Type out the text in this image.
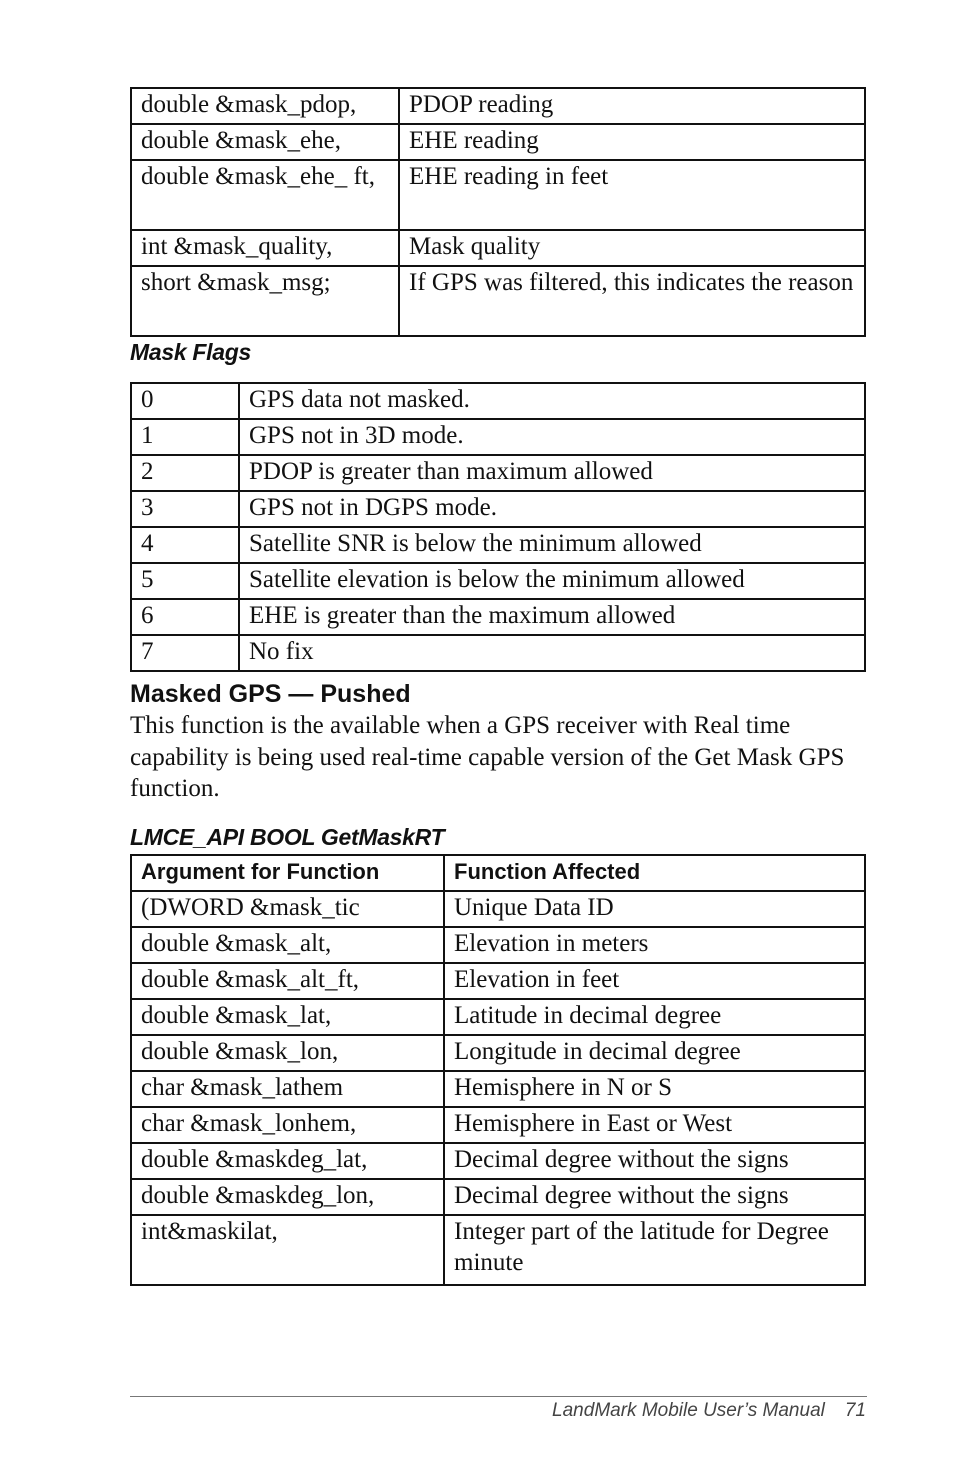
double &mask_pdop,	PDOP reading
double &mask_ehe,	EHE reading
double &mask_ehe_ ft,	EHE reading in feet
int &mask_quality,	Mask quality
short &mask_msg;	If GPS was filtered, this indicates the reason
Mask Flags
0	GPS data not masked.
1	GPS not in 3D mode.
2	PDOP is greater than maximum allowed
3	GPS not in DGPS mode.
4	Satellite SNR is below the minimum allowed
5	Satellite elevation is below the minimum allowed
6	EHE is greater than the maximum allowed
7	No fix
Masked GPS — Pushed
This function is the available when a GPS receiver with Real time capability is being used real-time capable version of the Get Mask GPS function.
LMCE_API BOOL GetMaskRT
Argument for Function	Function Affected
(DWORD &mask_tic	Unique Data ID
double &mask_alt,	Elevation in meters
double &mask_alt_ft,	Elevation in feet
double &mask_lat,	Latitude in decimal degree
double &mask_lon,	Longitude in decimal degree
char &mask_lathem	Hemisphere in N or S
char &mask_lonhem,	Hemisphere in East or West
double &maskdeg_lat,	Decimal degree without the signs
double &maskdeg_lon,	Decimal degree without the signs
int&maskilat,	Integer part of the latitude for Degree minute
LandMark Mobile User’s Manual 71
